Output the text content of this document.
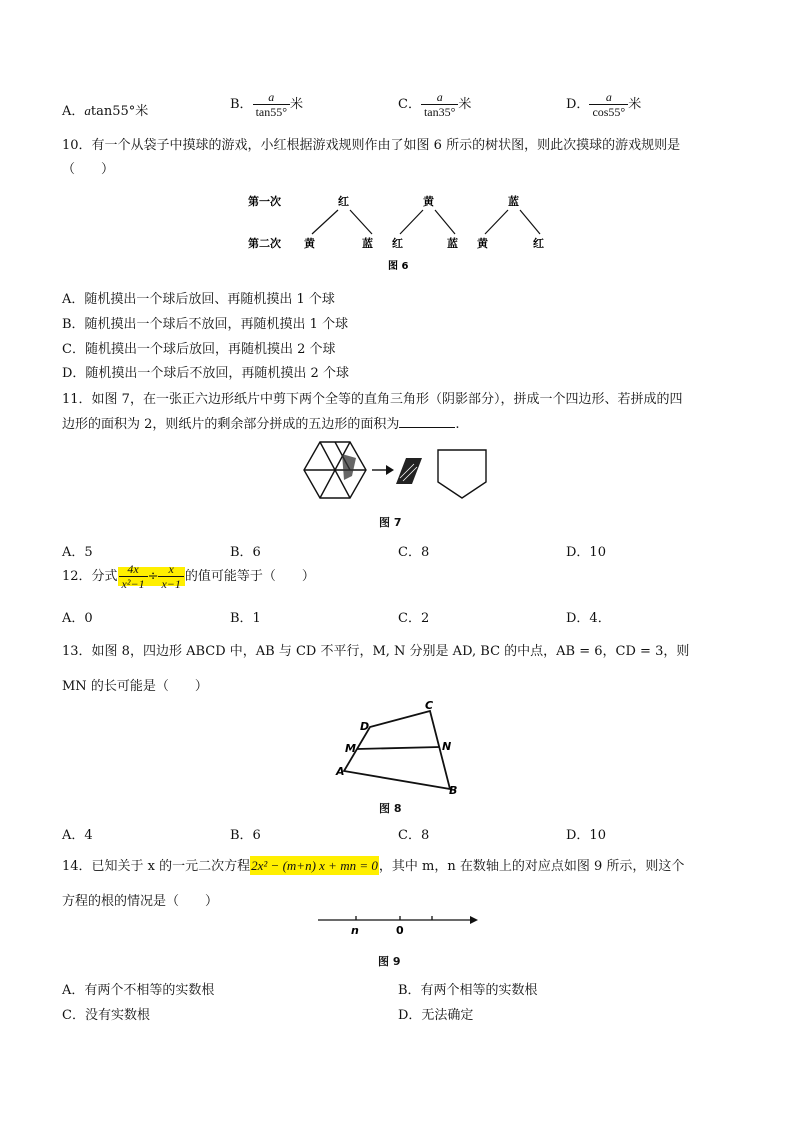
A．atan55°米	B． $\frac{a}{\tan 55^\circ}$ 米	C． $\frac{a}{\tan 35^\circ}$ 米	D． $\frac{a}{\cos 55^\circ}$ 米
10．有一个从袋子中摸球的游戏，小红根据游戏规则作由了如图 6 所示的树状图，则此次摸球的游戏规则是
（　　）
第一次
第二次
红	黄	蓝
黄	蓝 红	蓝 黄	红
图 6
A．随机摸出一个球后放回、再随机摸出 1 个球
B．随机摸出一个球后不放回，再随机摸出 1 个球
C．随机摸出一个球后放回，再随机摸出 2 个球
D．随机摸出一个球后不放回，再随机摸出 2 个球
11．如图 7，在一张正六边形纸片中剪下两个全等的直角三角形（阴影部分），拼成一个四边形、若拼成的四
边形的面积为 2，则纸片的剩余部分拼成的五边形的面积为	.
图 7
A．5	B．6	C．8	D．10
12．分式 $\frac{4x}{\text{x²−1}} \div \frac{x}{x-1}$ 的值可能等于（　　）
A．0	B．1	C．2	D．4．
13．如图 8，四边形 ABCD 中，AB 与 CD 不平行，M, N 分别是 AD, BC 的中点，AB = 6，CD = 3，则
MN 的长可能是（　　）
C
D
M	N
A
B
图 8
A．4	B．6	C．8	D．10
14．已知关于 x 的一元二次方程2x² − (m+n) x + mn = 0，其中 m，n 在数轴上的对应点如图 9 所示，则这个
方程的根的情况是（　　）
n	0
图 9
A．有两个不相等的实数根	B．有两个相等的实数根
C．没有实数根	D．无法确定
